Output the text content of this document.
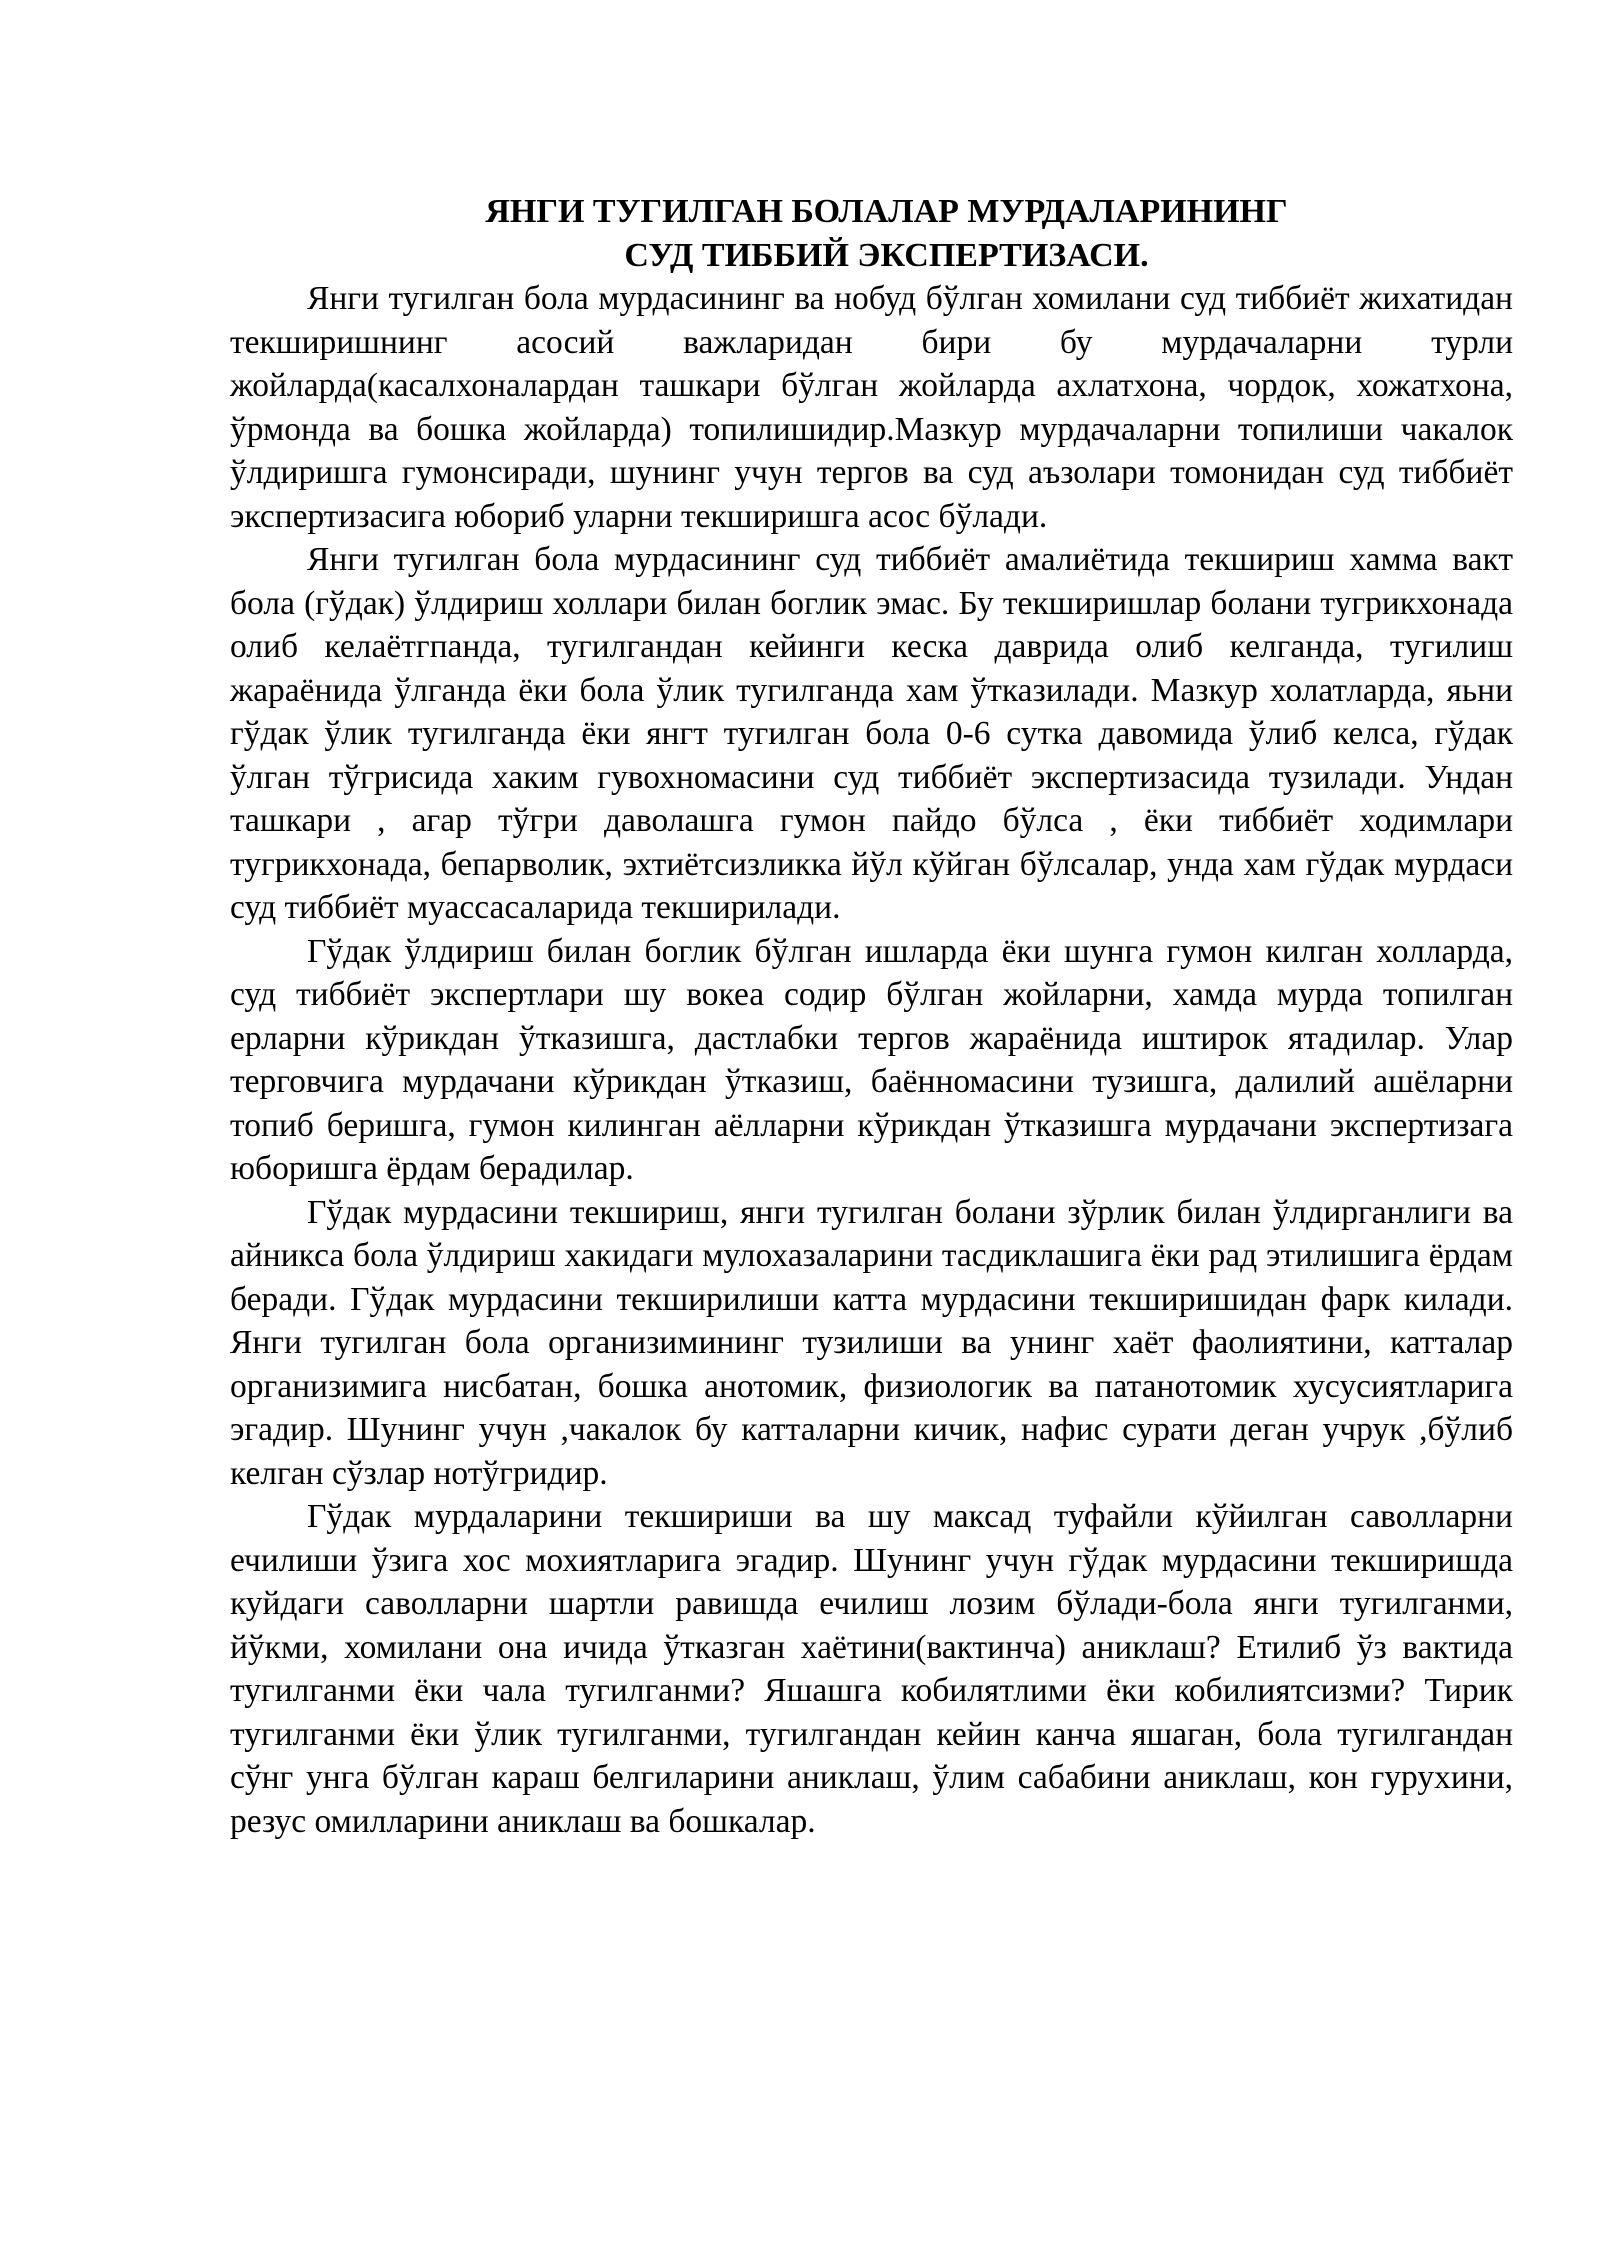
ЯНГИ ТУГИЛГАН БОЛАЛАР МУРДАЛАРИНИНГ
СУД ТИББИЙ ЭКСПЕРТИЗАСИ.

Янги тугилган бола мурдасининг ва нобуд бўлган хомилани суд тиббиёт жихатидан текширишнинг асосий важларидан бири бу мурдачаларни турли жойларда(касалхоналардан ташкари бўлган жойларда ахлатхона, чордок, хожатхона, ўрмонда ва бошка жойларда) топилишидир.Мазкур мурдачаларни топилиши чакалок ўлдиришга гумонсиради, шунинг учун тергов ва суд аъзолари томонидан суд тиббиёт экспертизасига юбориб уларни текширишга асос бўлади.

Янги тугилган бола мурдасининг суд тиббиёт амалиётида текшириш хамма вакт бола (гўдак) ўлдириш холлари билан боглик эмас. Бу текширишлар болани тугрикхонада олиб келаётгпанда, тугилгандан кейинги кеска даврида олиб келганда, тугилиш жараёнида ўлганда ёки бола ўлик тугилганда хам ўтказилади. Мазкур холатларда, яьни гўдак ўлик тугилганда ёки янгт тугилган бола 0-6 сутка давомида ўлиб келса, гўдак ўлган тўгрисида хаким гувохномасини суд тиббиёт экспертизасида тузилади. Ундан ташкари , агар тўгри даволашга гумон пайдо бўлса , ёки тиббиёт ходимлари тугрикхонада, бепарволик, эхтиётсизликка йўл кўйган бўлсалар, унда хам гўдак мурдаси суд тиббиёт муассасаларида текширилади.

Гўдак ўлдириш билан боглик бўлган ишларда ёки шунга гумон килган холларда, суд тиббиёт экспертлари шу вокеа содир бўлган жойларни, хамда мурда топилган ерларни кўрикдан ўтказишга, дастлабки тергов жараёнида иштирок ятадилар. Улар терговчига мурдачани кўрикдан ўтказиш, баённомасини тузишга, далилий ашёларни топиб беришга, гумон килинган аёлларни кўрикдан ўтказишга мурдачани экспертизага юборишга ёрдам берадилар.

Гўдак мурдасини текшириш, янги тугилган болани зўрлик билан ўлдирганлиги ва айникса бола ўлдириш хакидаги мулохазаларини тасдиклашига ёки рад этилишига ёрдам беради. Гўдак мурдасини текширилиши катта мурдасини текширишидан фарк килади. Янги тугилган бола организимининг тузилиши ва унинг хаёт фаолиятини, катталар организимига нисбатан, бошка анотомик, физиологик ва патанотомик хусусиятларига эгадир. Шунинг учун ,чакалок бу катталарни кичик, нафис сурати деган учрук ,бўлиб келган сўзлар нотўгридир.

Гўдак мурдаларини текшириши ва шу максад туфайли кўйилган саволларни ечилиши ўзига хос мохиятларига эгадир. Шунинг учун гўдак мурдасини текширишда куйдаги саволларни шартли равишда ечилиш лозим бўлади-бола янги тугилганми, йўкми, хомилани она ичида ўтказган хаётини(вактинча) аниклаш? Етилиб ўз вактида тугилганми ёки чала тугилганми? Яшашга кобилятлими ёки кобилиятсизми? Тирик тугилганми ёки ўлик тугилганми, тугилгандан кейин канча яшаган, бола тугилгандан сўнг унга бўлган караш белгиларини аниклаш, ўлим сабабини аниклаш, кон гурухини, резус омилларини аниклаш ва бошкалар.
